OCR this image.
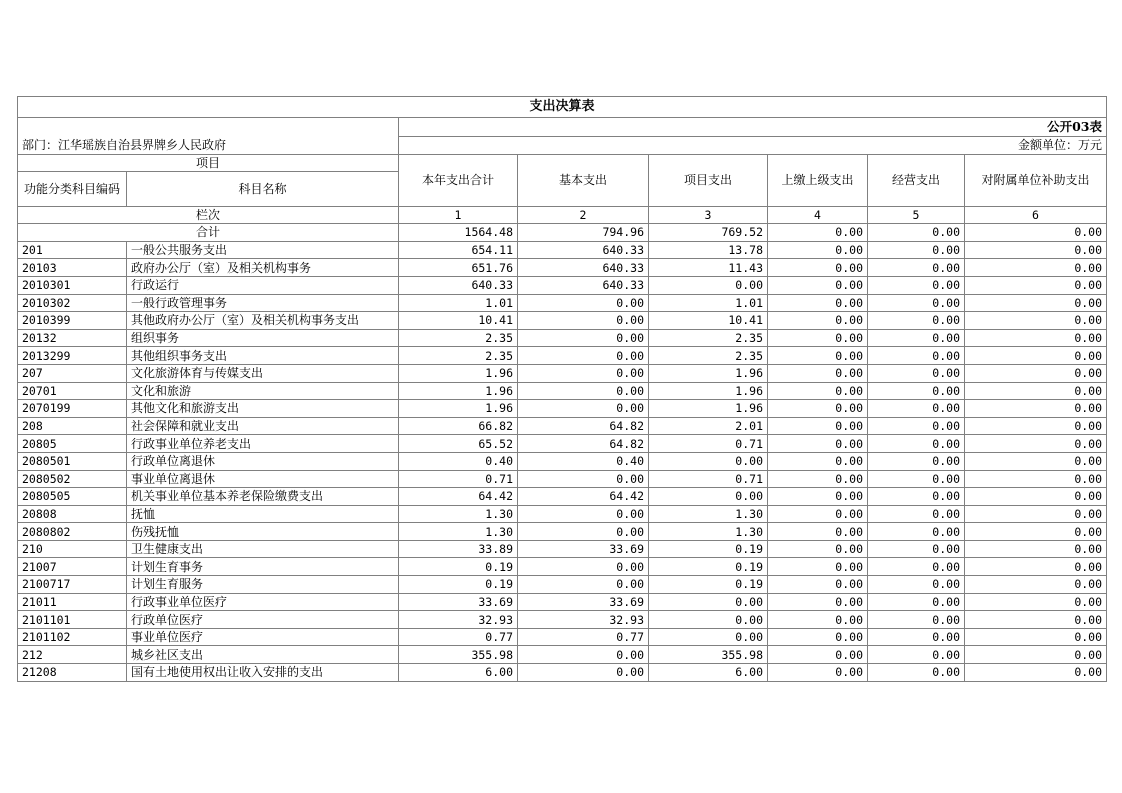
支出决算表							
		公开03表					
部门：江华瑶族自治县界牌乡人民政府		金额单位：万元					
项目		本年支出合计	基本支出	项目支出	上缴上级支出	经营支出	对附属单位补助支出
功能分类科目编码	科目名称						
栏次		1	2	3	4	5	6
合计		1564.48	794.96	769.52	0.00	0.00	0.00
201	一般公共服务支出	654.11	640.33	13.78	0.00	0.00	0.00
20103	政府办公厅（室）及相关机构事务	651.76	640.33	11.43	0.00	0.00	0.00
2010301	行政运行	640.33	640.33	0.00	0.00	0.00	0.00
2010302	一般行政管理事务	1.01	0.00	1.01	0.00	0.00	0.00
2010399	其他政府办公厅（室）及相关机构事务支出	10.41	0.00	10.41	0.00	0.00	0.00
20132	组织事务	2.35	0.00	2.35	0.00	0.00	0.00
2013299	其他组织事务支出	2.35	0.00	2.35	0.00	0.00	0.00
207	文化旅游体育与传媒支出	1.96	0.00	1.96	0.00	0.00	0.00
20701	文化和旅游	1.96	0.00	1.96	0.00	0.00	0.00
2070199	其他文化和旅游支出	1.96	0.00	1.96	0.00	0.00	0.00
208	社会保障和就业支出	66.82	64.82	2.01	0.00	0.00	0.00
20805	行政事业单位养老支出	65.52	64.82	0.71	0.00	0.00	0.00
2080501	行政单位离退休	0.40	0.40	0.00	0.00	0.00	0.00
2080502	事业单位离退休	0.71	0.00	0.71	0.00	0.00	0.00
2080505	机关事业单位基本养老保险缴费支出	64.42	64.42	0.00	0.00	0.00	0.00
20808	抚恤	1.30	0.00	1.30	0.00	0.00	0.00
2080802	伤残抚恤	1.30	0.00	1.30	0.00	0.00	0.00
210	卫生健康支出	33.89	33.69	0.19	0.00	0.00	0.00
21007	计划生育事务	0.19	0.00	0.19	0.00	0.00	0.00
2100717	计划生育服务	0.19	0.00	0.19	0.00	0.00	0.00
21011	行政事业单位医疗	33.69	33.69	0.00	0.00	0.00	0.00
2101101	行政单位医疗	32.93	32.93	0.00	0.00	0.00	0.00
2101102	事业单位医疗	0.77	0.77	0.00	0.00	0.00	0.00
212	城乡社区支出	355.98	0.00	355.98	0.00	0.00	0.00
21208	国有土地使用权出让收入安排的支出	6.00	0.00	6.00	0.00	0.00	0.00
